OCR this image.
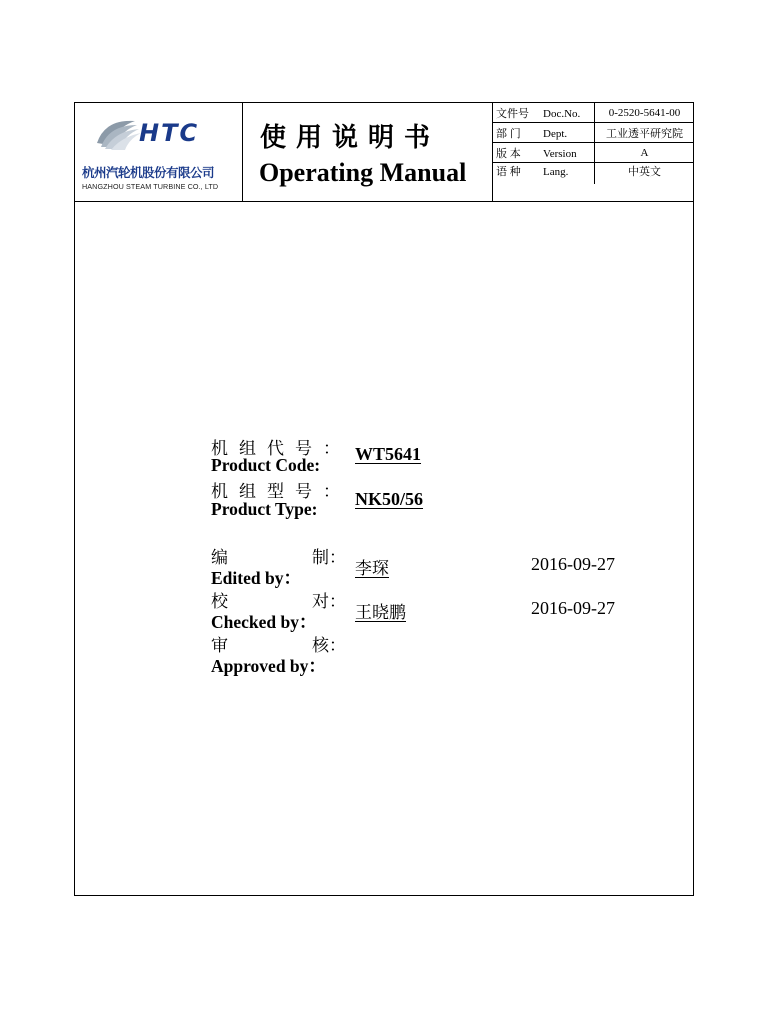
HTC
杭州汽轮机股份有限公司
HANGZHOU STEAM TURBINE CO., LTD
使用说明书
Operating Manual
文件号 Doc.No.	0-2520-5641-00
部 门 Dept.	工业透平研究院
版 本 Version	A
语 种 Lang.	中英文
机组代号：
Product Code:
WT5641
机组型号：
Product Type: NK50/56
编	制：
Edited by：	李琛	2016-09-27
校	对：
Checked by： 王晓鹏	2016-09-27
审	核：
Approved by：
